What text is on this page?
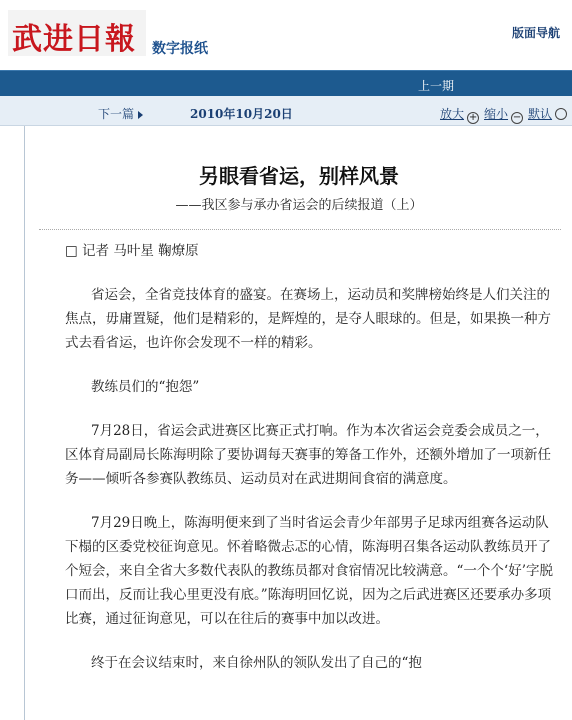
武进日報 数字报纸
版面导航
上一期
下一篇	2010年10月20日	放大 + 缩小 − 默认
另眼看省运，别样风景
——我区参与承办省运会的后续报道（上）

□ 记者 马叶星 鞠燎原

省运会，全省竞技体育的盛宴。在赛场上，运动员和奖牌榜始终是人们关注的焦点，毋庸置疑，他们是精彩的，是辉煌的，是夺人眼球的。但是，如果换一种方式去看省运，也许你会发现不一样的精彩。

教练员们的“抱怨”

7月28日，省运会武进赛区比赛正式打响。作为本次省运会竞委会成员之一，区体育局副局长陈海明除了要协调每天赛事的筹备工作外，还额外增加了一项新任务——倾听各参赛队教练员、运动员对在武进期间食宿的满意度。

7月29日晚上，陈海明便来到了当时省运会青少年部男子足球丙组赛各运动队下榻的区委党校征询意见。怀着略微忐忑的心情，陈海明召集各运动队教练员开了个短会，来自全省大多数代表队的教练员都对食宿情况比较满意。“一个个‘好’字脱口而出，反而让我心里更没有底。”陈海明回忆说，因为之后武进赛区还要承办多项比赛，通过征询意见，可以在往后的赛事中加以改进。

终于在会议结束时，来自徐州队的领队发出了自己的“抱
